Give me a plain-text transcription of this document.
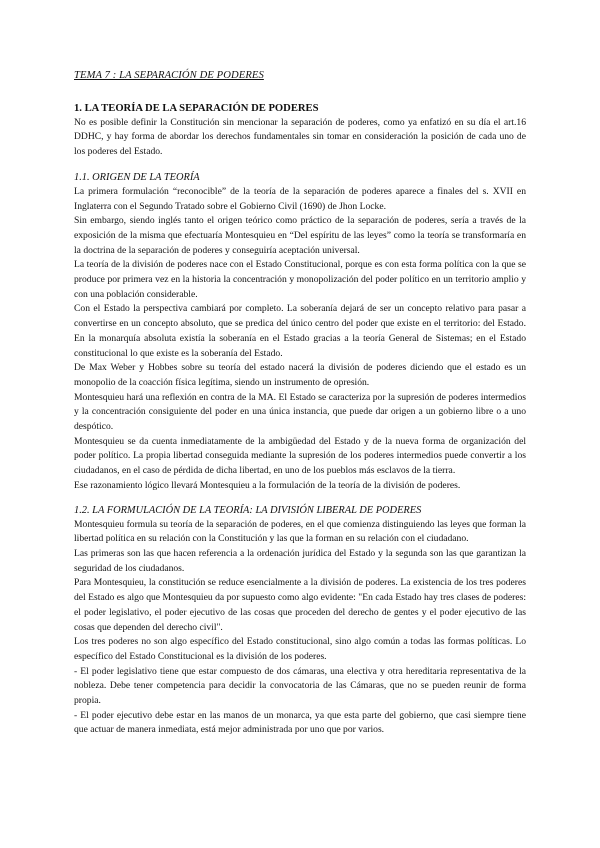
TEMA 7 : LA SEPARACIÓN DE PODERES

1. LA TEORÍA DE LA SEPARACIÓN DE PODERES

No es posible definir la Constitución sin mencionar la separación de poderes, como ya enfatizó en su día el art.16 DDHC, y hay forma de abordar los derechos fundamentales sin tomar en consideración la posición de cada uno de los poderes del Estado.

1.1. ORIGEN DE LA TEORÍA

La primera formulación “reconocible” de la teoría de la separación de poderes aparece a finales del s. XVII en Inglaterra con el Segundo Tratado sobre el Gobierno Civil (1690) de Jhon Locke.

Sin embargo, siendo inglés tanto el origen teórico como práctico de la separación de poderes, sería a través de la exposición de la misma que efectuaría Montesquieu en “Del espíritu de las leyes” como la teoría se transformaría en la doctrina de la separación de poderes y conseguiría aceptación universal.

La teoría de la división de poderes nace con el Estado Constitucional, porque es con esta forma política con la que se produce por primera vez en la historia la concentración y monopolización del poder político en un territorio amplio y con una población considerable.

Con el Estado la perspectiva cambiará por completo. La soberanía dejará de ser un concepto relativo para pasar a convertirse en un concepto absoluto, que se predica del único centro del poder que existe en el territorio: del Estado. En la monarquía absoluta existía la soberanía en el Estado gracias a la teoría General de Sistemas; en el Estado constitucional lo que existe es la soberanía del Estado.

De Max Weber y Hobbes sobre su teoría del estado nacerá la división de poderes diciendo que el estado es un monopolio de la coacción física legítima, siendo un instrumento de opresión.

Montesquieu hará una reflexión en contra de la MA. El Estado se caracteriza por la supresión de poderes intermedios y la concentración consiguiente del poder en una única instancia, que puede dar origen a un gobierno libre o a uno despótico.

Montesquieu se da cuenta inmediatamente de la ambigüedad del Estado y de la nueva forma de organización del poder político. La propia libertad conseguida mediante la supresión de los poderes intermedios puede convertir a los ciudadanos, en el caso de pérdida de dicha libertad, en uno de los pueblos más esclavos de la tierra.

Ese razonamiento lógico llevará Montesquieu a la formulación de la teoría de la división de poderes.

1.2. LA FORMULACIÓN DE LA TEORÍA: LA DIVISIÓN LIBERAL DE PODERES

Montesquieu formula su teoría de la separación de poderes, en el que comienza distinguiendo las leyes que forman la libertad política en su relación con la Constitución y las que la forman en su relación con el ciudadano.

Las primeras son las que hacen referencia a la ordenación jurídica del Estado y la segunda son las que garantizan la seguridad de los ciudadanos.

Para Montesquieu, la constitución se reduce esencialmente a la división de poderes. La existencia de los tres poderes del Estado es algo que Montesquieu da por supuesto como algo evidente: "En cada Estado hay tres clases de poderes: el poder legislativo, el poder ejecutivo de las cosas que proceden del derecho de gentes y el poder ejecutivo de las cosas que dependen del derecho civil".

Los tres poderes no son algo específico del Estado constitucional, sino algo común a todas las formas políticas. Lo específico del Estado Constitucional es la división de los poderes.

- El poder legislativo tiene que estar compuesto de dos cámaras, una electiva y otra hereditaria representativa de la nobleza. Debe tener competencia para decidir la convocatoria de las Cámaras, que no se pueden reunir de forma propia.

- El poder ejecutivo debe estar en las manos de un monarca, ya que esta parte del gobierno, que casi siempre tiene que actuar de manera inmediata, está mejor administrada por uno que por varios.
